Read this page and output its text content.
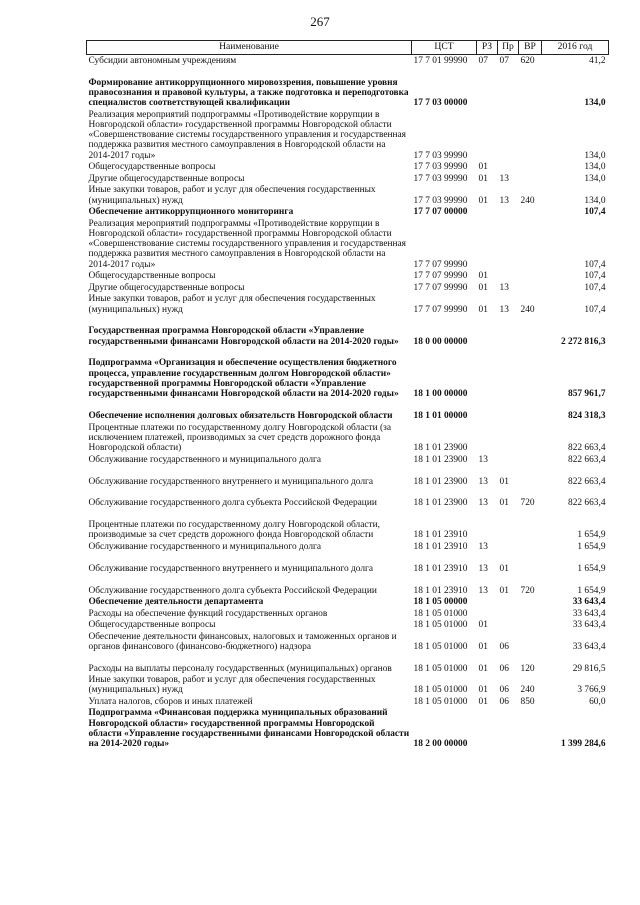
267
Наименование	ЦСТ	РЗ	Пр	ВР	2016 год
Субсидии автономным учреждениям	17 7 01 99990	07	07	620	41,2
Формирование антикоррупционного мировоззрения, повышение уровня правосознания и правовой культуры, а также подготовка и переподготовка специалистов соответствующей квалификации	17 7 03 00000				134,0
Реализация мероприятий подпрограммы «Противодействие коррупции в Новгородской области» государственной программы Новгородской области «Совершенствование системы государственного управления и государственная поддержка развития местного самоуправления в Новгородской области на 2014-2017 годы»	17 7 03 99990				134,0
Общегосударственные вопросы	17 7 03 99990	01			134,0
Другие общегосударственные вопросы	17 7 03 99990	01	13		134,0
Иные закупки товаров, работ и услуг для обеспечения государственных (муниципальных) нужд	17 7 03 99990	01	13	240	134,0
Обеспечение антикоррупционного мониторинга	17 7 07 00000				107,4
Реализация мероприятий подпрограммы «Противодействие коррупции в Новгородской области» государственной программы Новгородской области «Совершенствование системы государственного управления и государственная поддержка развития местного самоуправления в Новгородской области на 2014-2017 годы»	17 7 07 99990				107,4
Общегосударственные вопросы	17 7 07 99990	01			107,4
Другие общегосударственные вопросы	17 7 07 99990	01	13		107,4
Иные закупки товаров, работ и услуг для обеспечения государственных (муниципальных) нужд	17 7 07 99990	01	13	240	107,4
Государственная программа Новгородской области «Управление государственными финансами Новгородской области на 2014-2020 годы»	18 0 00 00000				2 272 816,3
Подпрограмма «Организация и обеспечение осуществления бюджетного процесса, управление государственным долгом Новгородской области» государственной программы Новгородской области «Управление государственными финансами Новгородской области на 2014-2020 годы»	18 1 00 00000				857 961,7
Обеспечение исполнения долговых обязательств Новгородской области	18 1 01 00000				824 318,3
Процентные платежи по государственному долгу Новгородской области (за исключением платежей, производимых за счет средств дорожного фонда Новгородской области)	18 1 01 23900				822 663,4
Обслуживание государственного и муниципального долга	18 1 01 23900	13			822 663,4
Обслуживание государственного внутреннего и муниципального долга	18 1 01 23900	13	01		822 663,4
Обслуживание государственного долга субъекта Российской Федерации	18 1 01 23900	13	01	720	822 663,4
Процентные платежи по государственному долгу Новгородской области, производимые за счет средств дорожного фонда Новгородской области	18 1 01 23910				1 654,9
Обслуживание государственного и муниципального долга	18 1 01 23910	13			1 654,9
Обслуживание государственного внутреннего и муниципального долга	18 1 01 23910	13	01		1 654,9
Обслуживание государственного долга субъекта Российской Федерации	18 1 01 23910	13	01	720	1 654,9
Обеспечение деятельности департамента	18 1 05 00000				33 643,4
Расходы на обеспечение функций государственных органов	18 1 05 01000				33 643,4
Общегосударственные вопросы	18 1 05 01000	01			33 643,4
Обеспечение деятельности финансовых, налоговых и таможенных органов и органов финансового (финансово-бюджетного) надзора	18 1 05 01000	01	06		33 643,4
Расходы на выплаты персоналу государственных (муниципальных) органов	18 1 05 01000	01	06	120	29 816,5
Иные закупки товаров, работ и услуг для обеспечения государственных (муниципальных) нужд	18 1 05 01000	01	06	240	3 766,9
Уплата налогов, сборов и иных платежей	18 1 05 01000	01	06	850	60,0
Подпрограмма «Финансовая поддержка муниципальных образований Новгородской области» государственной программы Новгородской области «Управление государственными финансами Новгородской области на 2014-2020 годы»	18 2 00 00000				1 399 284,6
